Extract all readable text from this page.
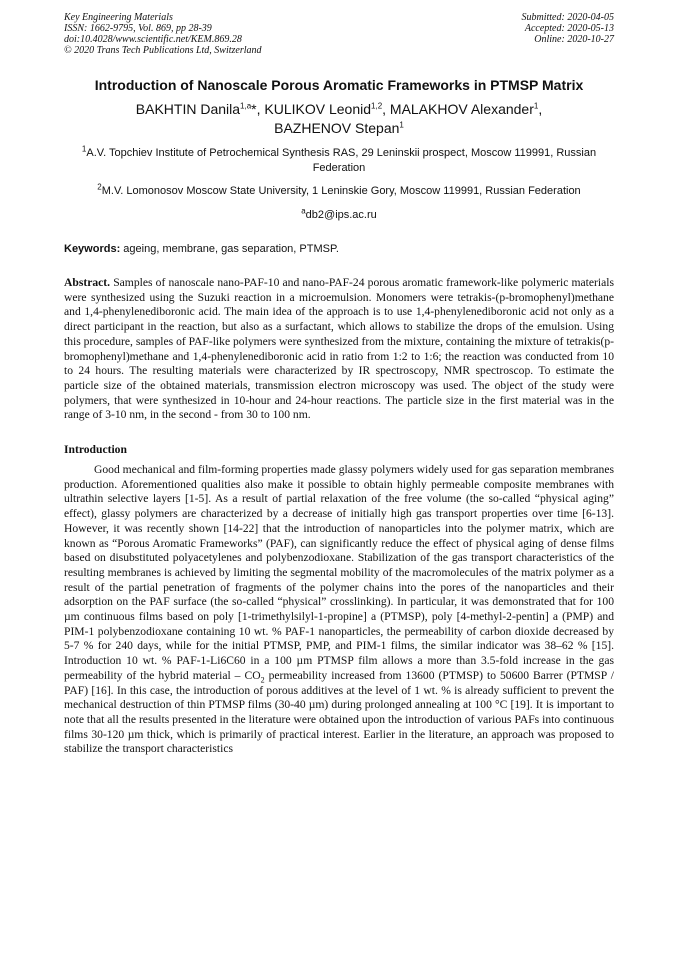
Key Engineering Materials
ISSN: 1662-9795, Vol. 869, pp 28-39
doi:10.4028/www.scientific.net/KEM.869.28
© 2020 Trans Tech Publications Ltd, Switzerland
Submitted: 2020-04-05
Accepted: 2020-05-13
Online: 2020-10-27
Introduction of Nanoscale Porous Aromatic Frameworks in PTMSP Matrix
BAKHTIN Danila$^{1,a}$*, KULIKOV Leonid$^{1,2}$, MALAKHOV Alexander$^1$,
BAZHENOV Stepan$^1$
$^1$A.V. Topchiev Institute of Petrochemical Synthesis RAS, 29 Leninskii prospect, Moscow 119991, Russian Federation
$^2$M.V. Lomonosov Moscow State University, 1 Leninskie Gory, Moscow 119991, Russian Federation
$^a$db2@ips.ac.ru
Keywords: ageing, membrane, gas separation, PTMSP.
Abstract. Samples of nanoscale nano-PAF-10 and nano-PAF-24 porous aromatic framework-like polymeric materials were synthesized using the Suzuki reaction in a microemulsion. Monomers were tetrakis-(p-bromophenyl)methane and 1,4-phenylenediboronic acid. The main idea of the approach is to use 1,4-phenylenediboronic acid not only as a direct participant in the reaction, but also as a surfactant, which allows to stabilize the drops of the emulsion. Using this procedure, samples of PAF-like polymers were synthesized from the mixture, containing the mixture of tetrakis(p-bromophenyl)methane and 1,4-phenylenediboronic acid in ratio from 1:2 to 1:6; the reaction was conducted from 10 to 24 hours. The resulting materials were characterized by IR spectroscopy, NMR spectroscop. To estimate the particle size of the obtained materials, transmission electron microscopy was used. The object of the study were polymers, that were synthesized in 10-hour and 24-hour reactions. The particle size in the first material was in the range of 3-10 nm, in the second - from 30 to 100 nm.
Introduction
Good mechanical and film-forming properties made glassy polymers widely used for gas separation membranes production. Aforementioned qualities also make it possible to obtain highly permeable composite membranes with ultrathin selective layers [1-5]. As a result of partial relaxation of the free volume (the so-called “physical aging” effect), glassy polymers are characterized by a decrease of initially high gas transport properties over time [6-13]. However, it was recently shown [14-22] that the introduction of nanoparticles into the polymer matrix, which are known as “Porous Aromatic Frameworks” (PAF), can significantly reduce the effect of physical aging of dense films based on disubstituted polyacetylenes and polybenzodioxane. Stabilization of the gas transport characteristics of the resulting membranes is achieved by limiting the segmental mobility of the macromolecules of the matrix polymer as a result of the partial penetration of fragments of the polymer chains into the pores of the nanoparticles and their adsorption on the PAF surface (the so-called “physical” crosslinking). In particular, it was demonstrated that for 100 µm continuous films based on poly [1-trimethylsilyl-1-propine] a (PTMSP), poly [4-methyl-2-pentin] a (PMP) and PIM-1 polybenzodioxane containing 10 wt. % PAF-1 nanoparticles, the permeability of carbon dioxide decreased by 5-7 % for 240 days, while for the initial PTMSP, PMP, and PIM-1 films, the similar indicator was 38–62 % [15]. Introduction 10 wt. % PAF-1-Li6C60 in a 100 µm PTMSP film allows a more than 3.5-fold increase in the gas permeability of the hybrid material – $CO_2$ permeability increased from 13600 (PTMSP) to 50600 Barrer (PTMSP / PAF) [16]. In this case, the introduction of porous additives at the level of 1 wt. % is already sufficient to prevent the mechanical destruction of thin PTMSP films (30-40 µm) during prolonged annealing at 100 °C [19]. It is important to note that all the results presented in the literature were obtained upon the introduction of various PAFs into continuous films 30-120 µm thick, which is primarily of practical interest. Earlier in the literature, an approach was proposed to stabilize the transport characteristics
